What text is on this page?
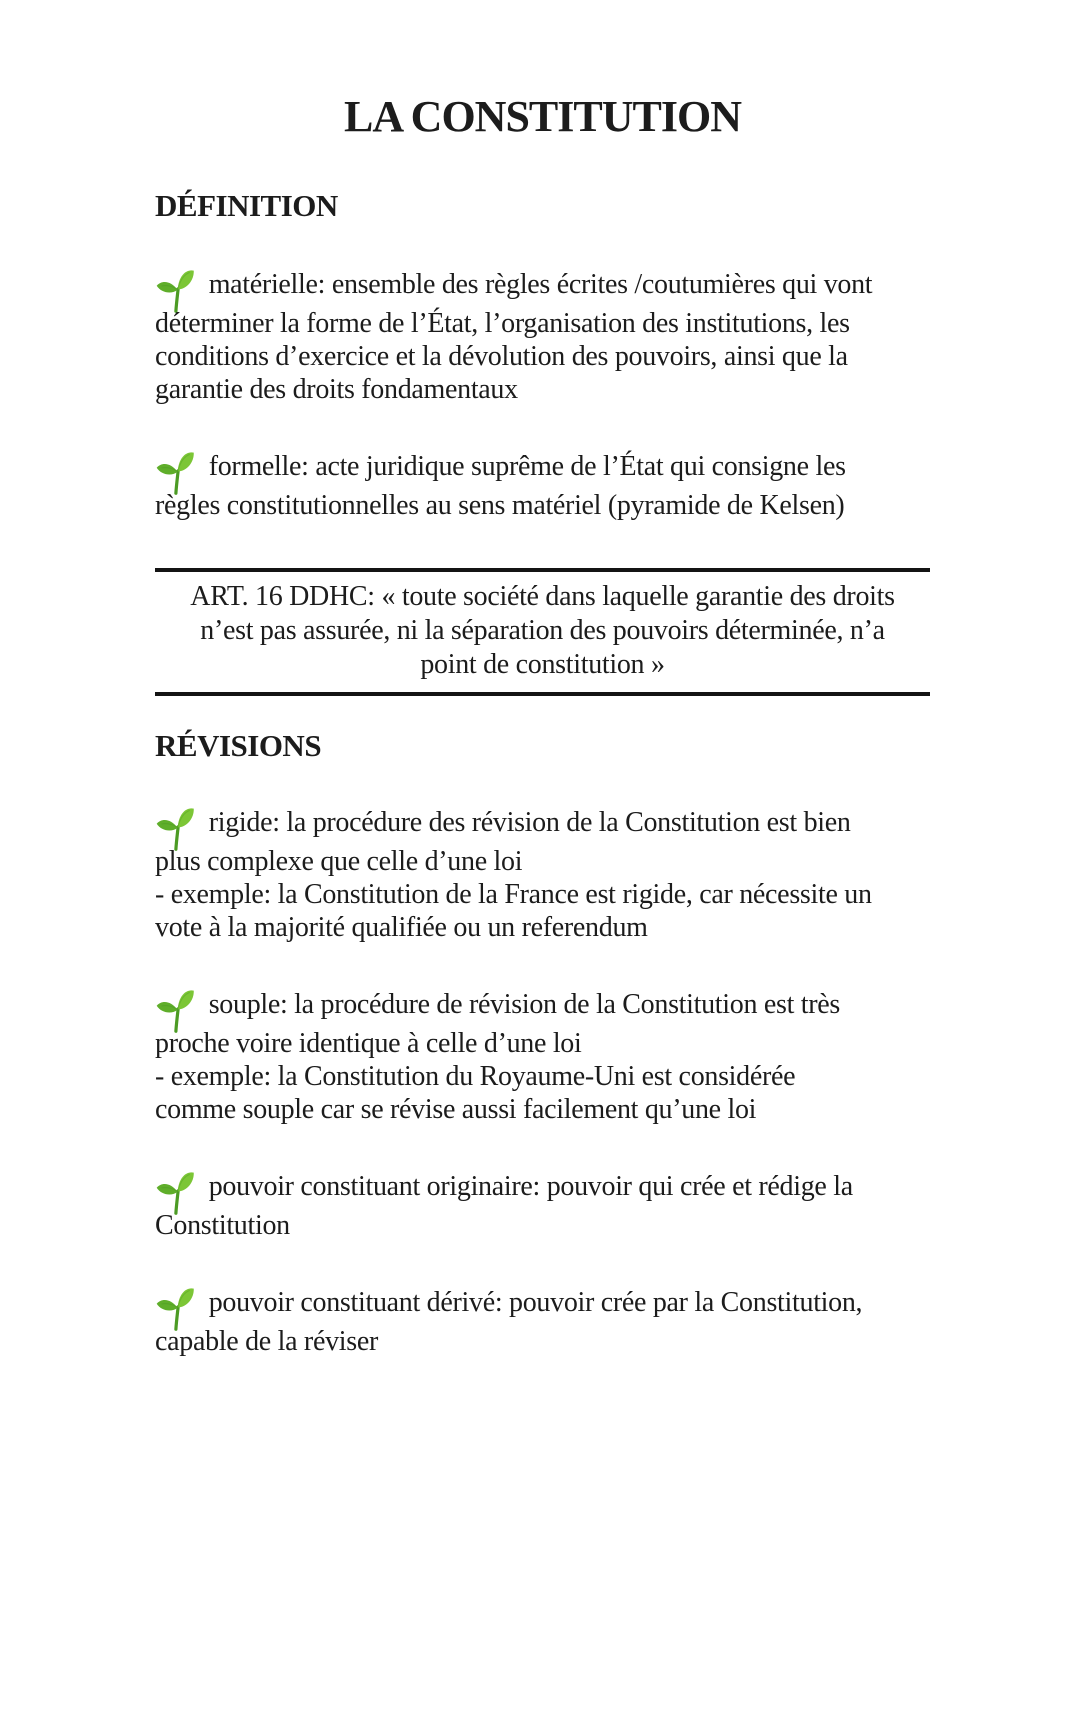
LA CONSTITUTION
DÉFINITION
matérielle: ensemble des règles écrites /coutumières qui vont
déterminer la forme de l’État, l’organisation des institutions, les
conditions d’exercice et la dévolution des pouvoirs, ainsi que la
garantie des droits fondamentaux
formelle: acte juridique suprême de l’État qui consigne les
règles constitutionnelles au sens matériel (pyramide de Kelsen)
ART. 16 DDHC: « toute société dans laquelle garantie des droits
n’est pas assurée, ni la séparation des pouvoirs déterminée, n’a
point de constitution »
RÉVISIONS
rigide: la procédure des révision de la Constitution est bien
plus complexe que celle d’une loi
- exemple: la Constitution de la France est rigide, car nécessite un
vote à la majorité qualifiée ou un referendum
souple: la procédure de révision de la Constitution est très
proche voire identique à celle d’une loi
- exemple: la Constitution du Royaume-Uni est considérée
comme souple car se révise aussi facilement qu’une loi
pouvoir constituant originaire: pouvoir qui crée et rédige la
Constitution
pouvoir constituant dérivé: pouvoir crée par la Constitution,
capable de la réviser
